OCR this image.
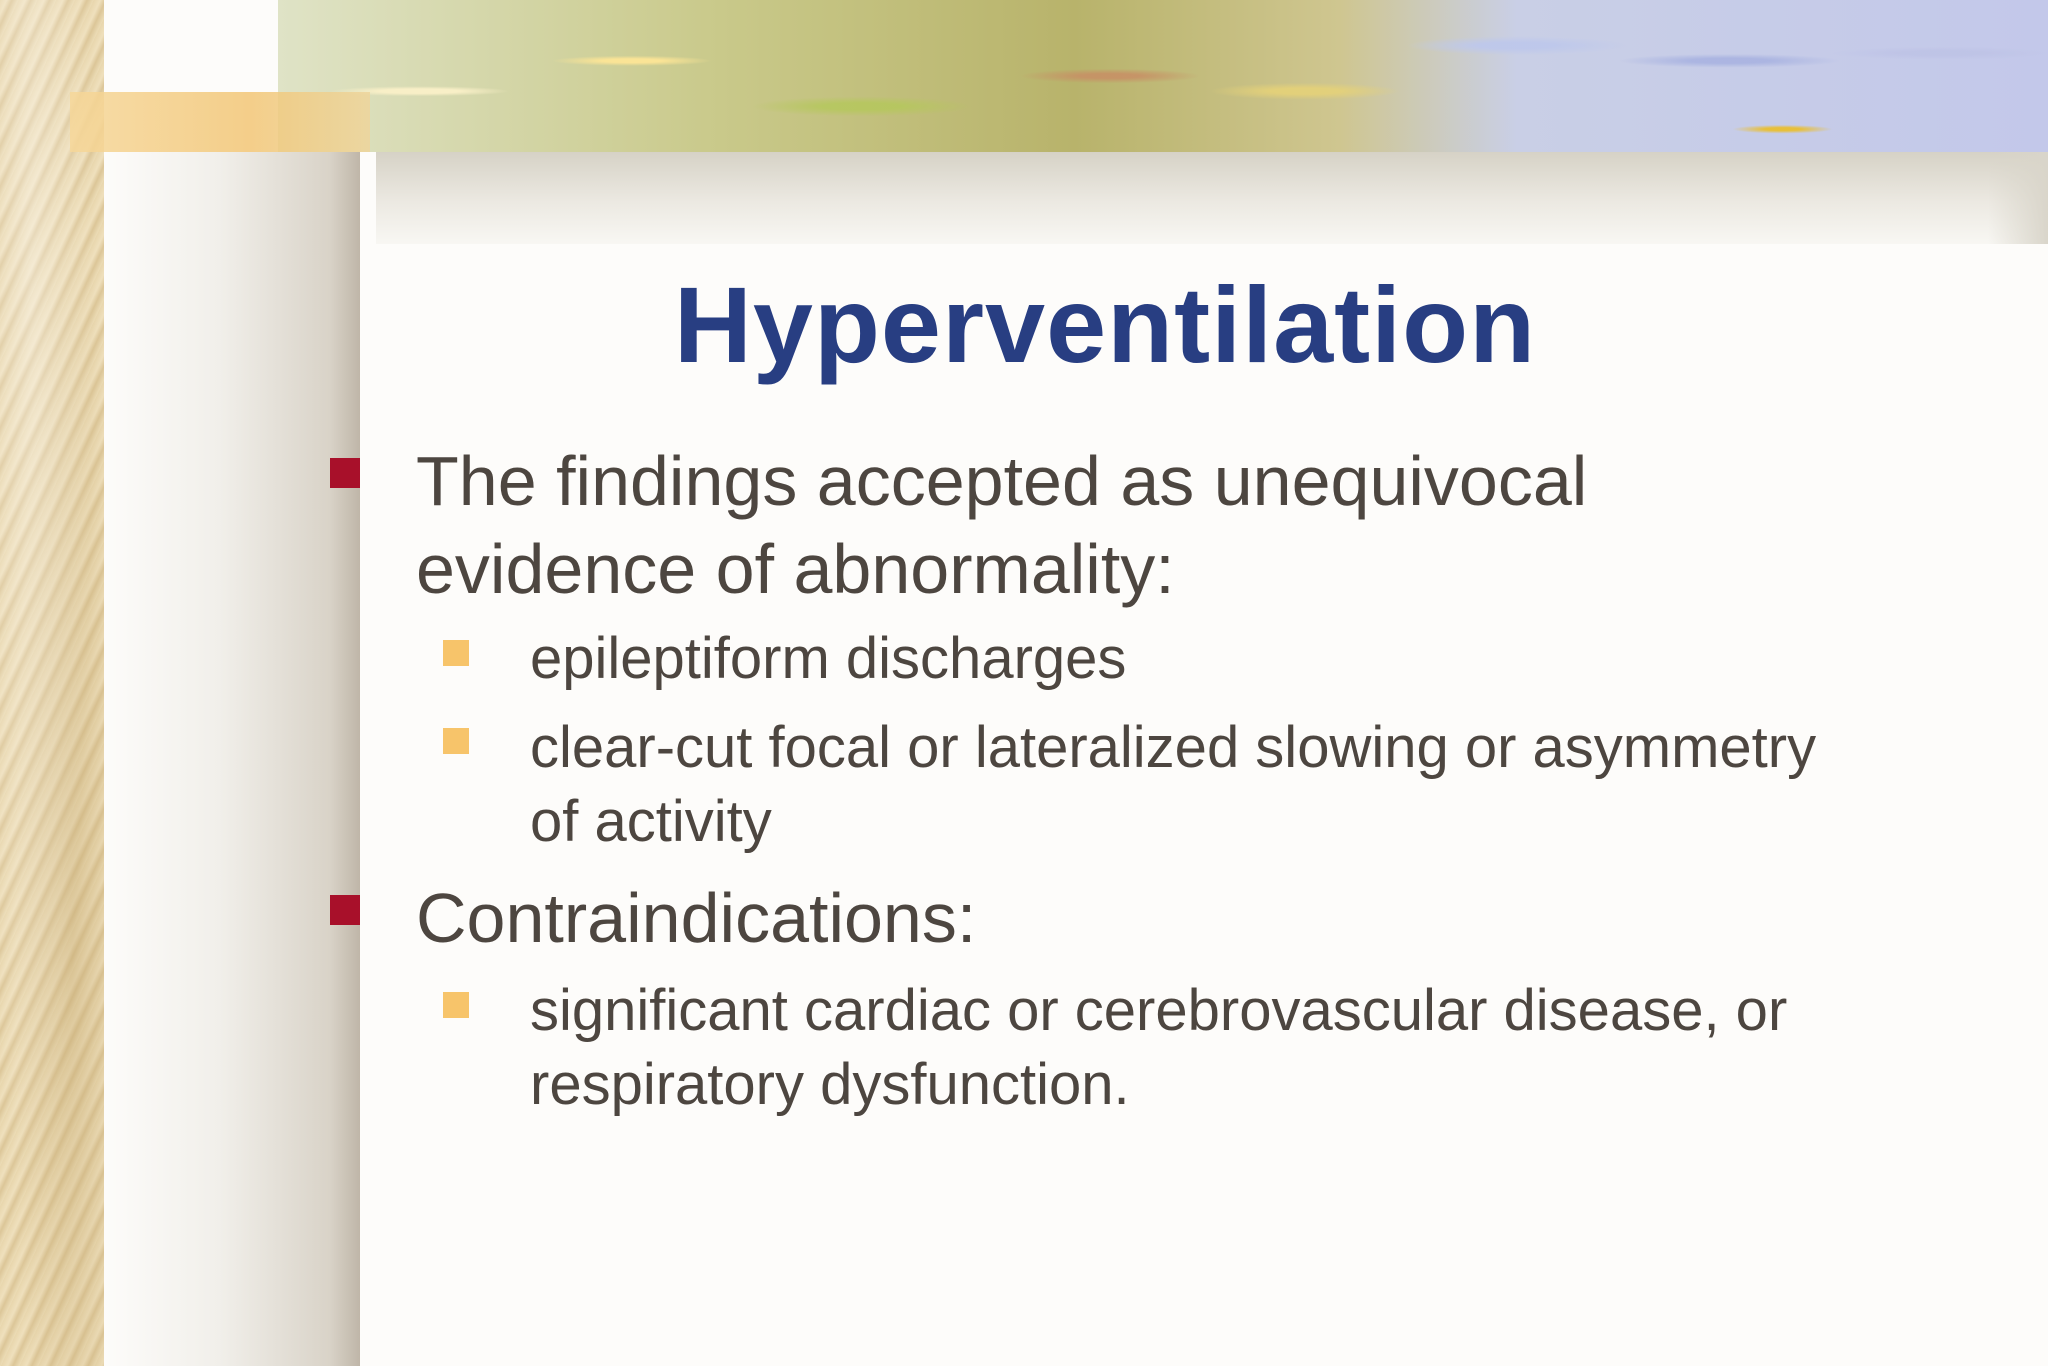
Hyperventilation
The findings accepted as unequivocal evidence of abnormality:
epileptiform discharges
clear-cut focal or lateralized slowing or asymmetry of activity
Contraindications:
significant cardiac or cerebrovascular disease, or respiratory dysfunction.
